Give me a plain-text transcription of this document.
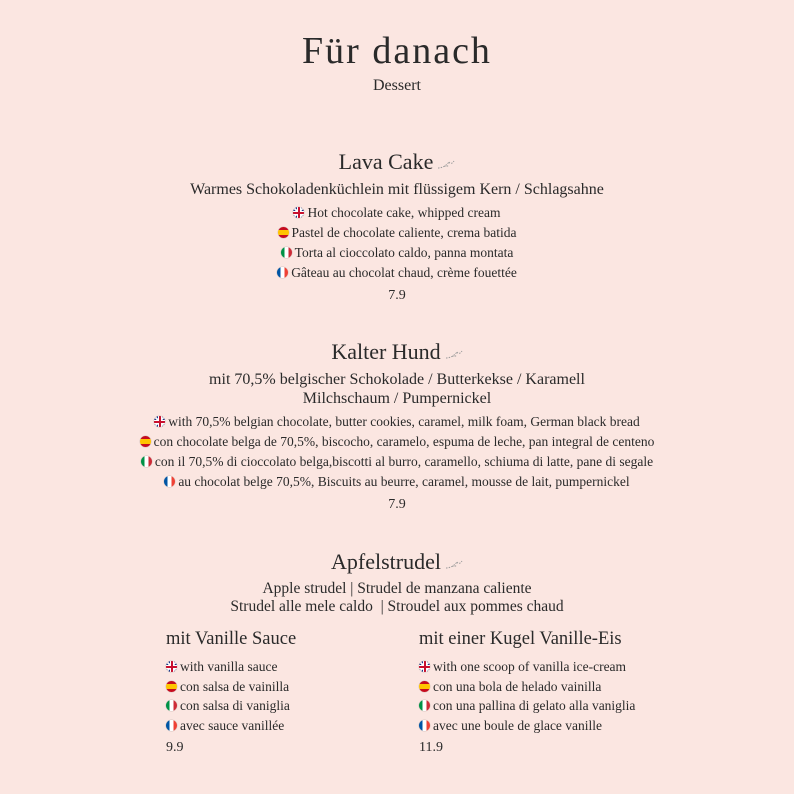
Für danach
Dessert
Lava Cake
Warmes Schokoladenküchlein mit flüssigem Kern / Schlagsahne
Hot chocolate cake, whipped cream
Pastel de chocolate caliente, crema batida
Torta al cioccolato caldo, panna montata
Gâteau au chocolat chaud, crème fouettée
7.9
Kalter Hund
mit 70,5% belgischer Schokolade / Butterkekse / Karamell
Milchschaum / Pumpernickel
with 70,5% belgian chocolate, butter cookies, caramel, milk foam, German black bread
con chocolate belga de 70,5%, biscocho, caramelo, espuma de leche, pan integral de centeno
con il 70,5% di cioccolato belga,biscotti al burro, caramello, schiuma di latte, pane di segale
au chocolat belge 70,5%, Biscuits au beurre, caramel, mousse de lait, pumpernickel
7.9
Apfelstrudel
Apple strudel | Strudel de manzana caliente
Strudel alle mele caldo  | Stroudel aux pommes chaud
mit Vanille Sauce
with vanilla sauce
con salsa de vainilla
con salsa di vaniglia
avec sauce vanillée
9.9
mit einer Kugel Vanille-Eis
with one scoop of vanilla ice-cream
con una bola de helado vainilla
con una pallina di gelato alla vaniglia
avec une boule de glace vanille
11.9
